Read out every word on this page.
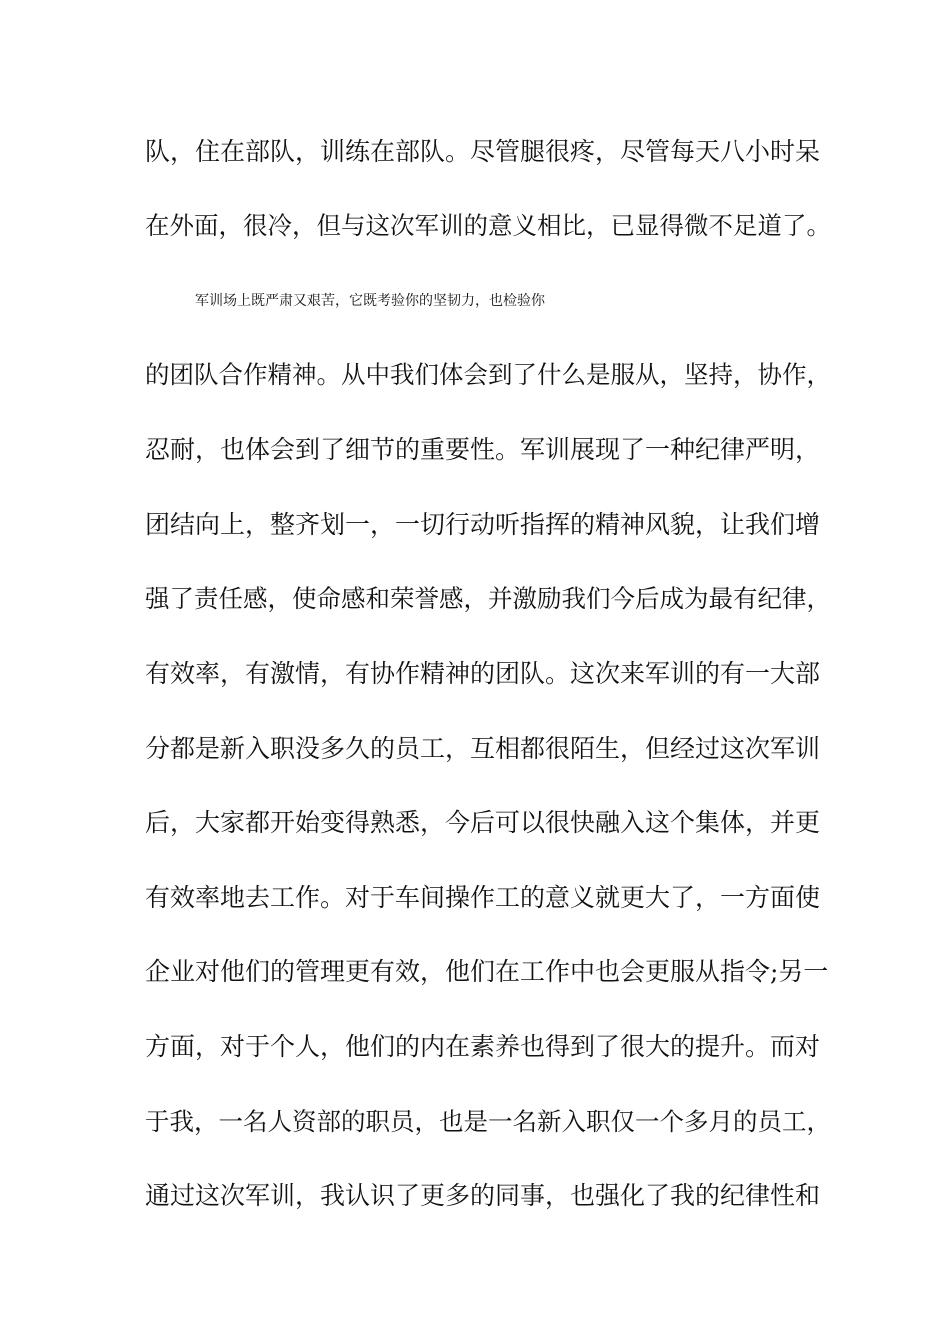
队，住在部队，训练在部队。尽管腿很疼，尽管每天八小时呆

在外面，很冷，但与这次军训的意义相比，已显得微不足道了。

军训场上既严肃又艰苦，它既考验你的坚韧力，也检验你

的团队合作精神。从中我们体会到了什么是服从，坚持，协作，

忍耐，也体会到了细节的重要性。军训展现了一种纪律严明，

团结向上，整齐划一，一切行动听指挥的精神风貌，让我们增

强了责任感，使命感和荣誉感，并激励我们今后成为最有纪律，

有效率，有激情，有协作精神的团队。这次来军训的有一大部

分都是新入职没多久的员工，互相都很陌生，但经过这次军训

后，大家都开始变得熟悉，今后可以很快融入这个集体，并更

有效率地去工作。对于车间操作工的意义就更大了，一方面使

企业对他们的管理更有效，他们在工作中也会更服从指令;另一

方面，对于个人，他们的内在素养也得到了很大的提升。而对

于我，一名人资部的职员，也是一名新入职仅一个多月的员工，

通过这次军训，我认识了更多的同事，也强化了我的纪律性和
